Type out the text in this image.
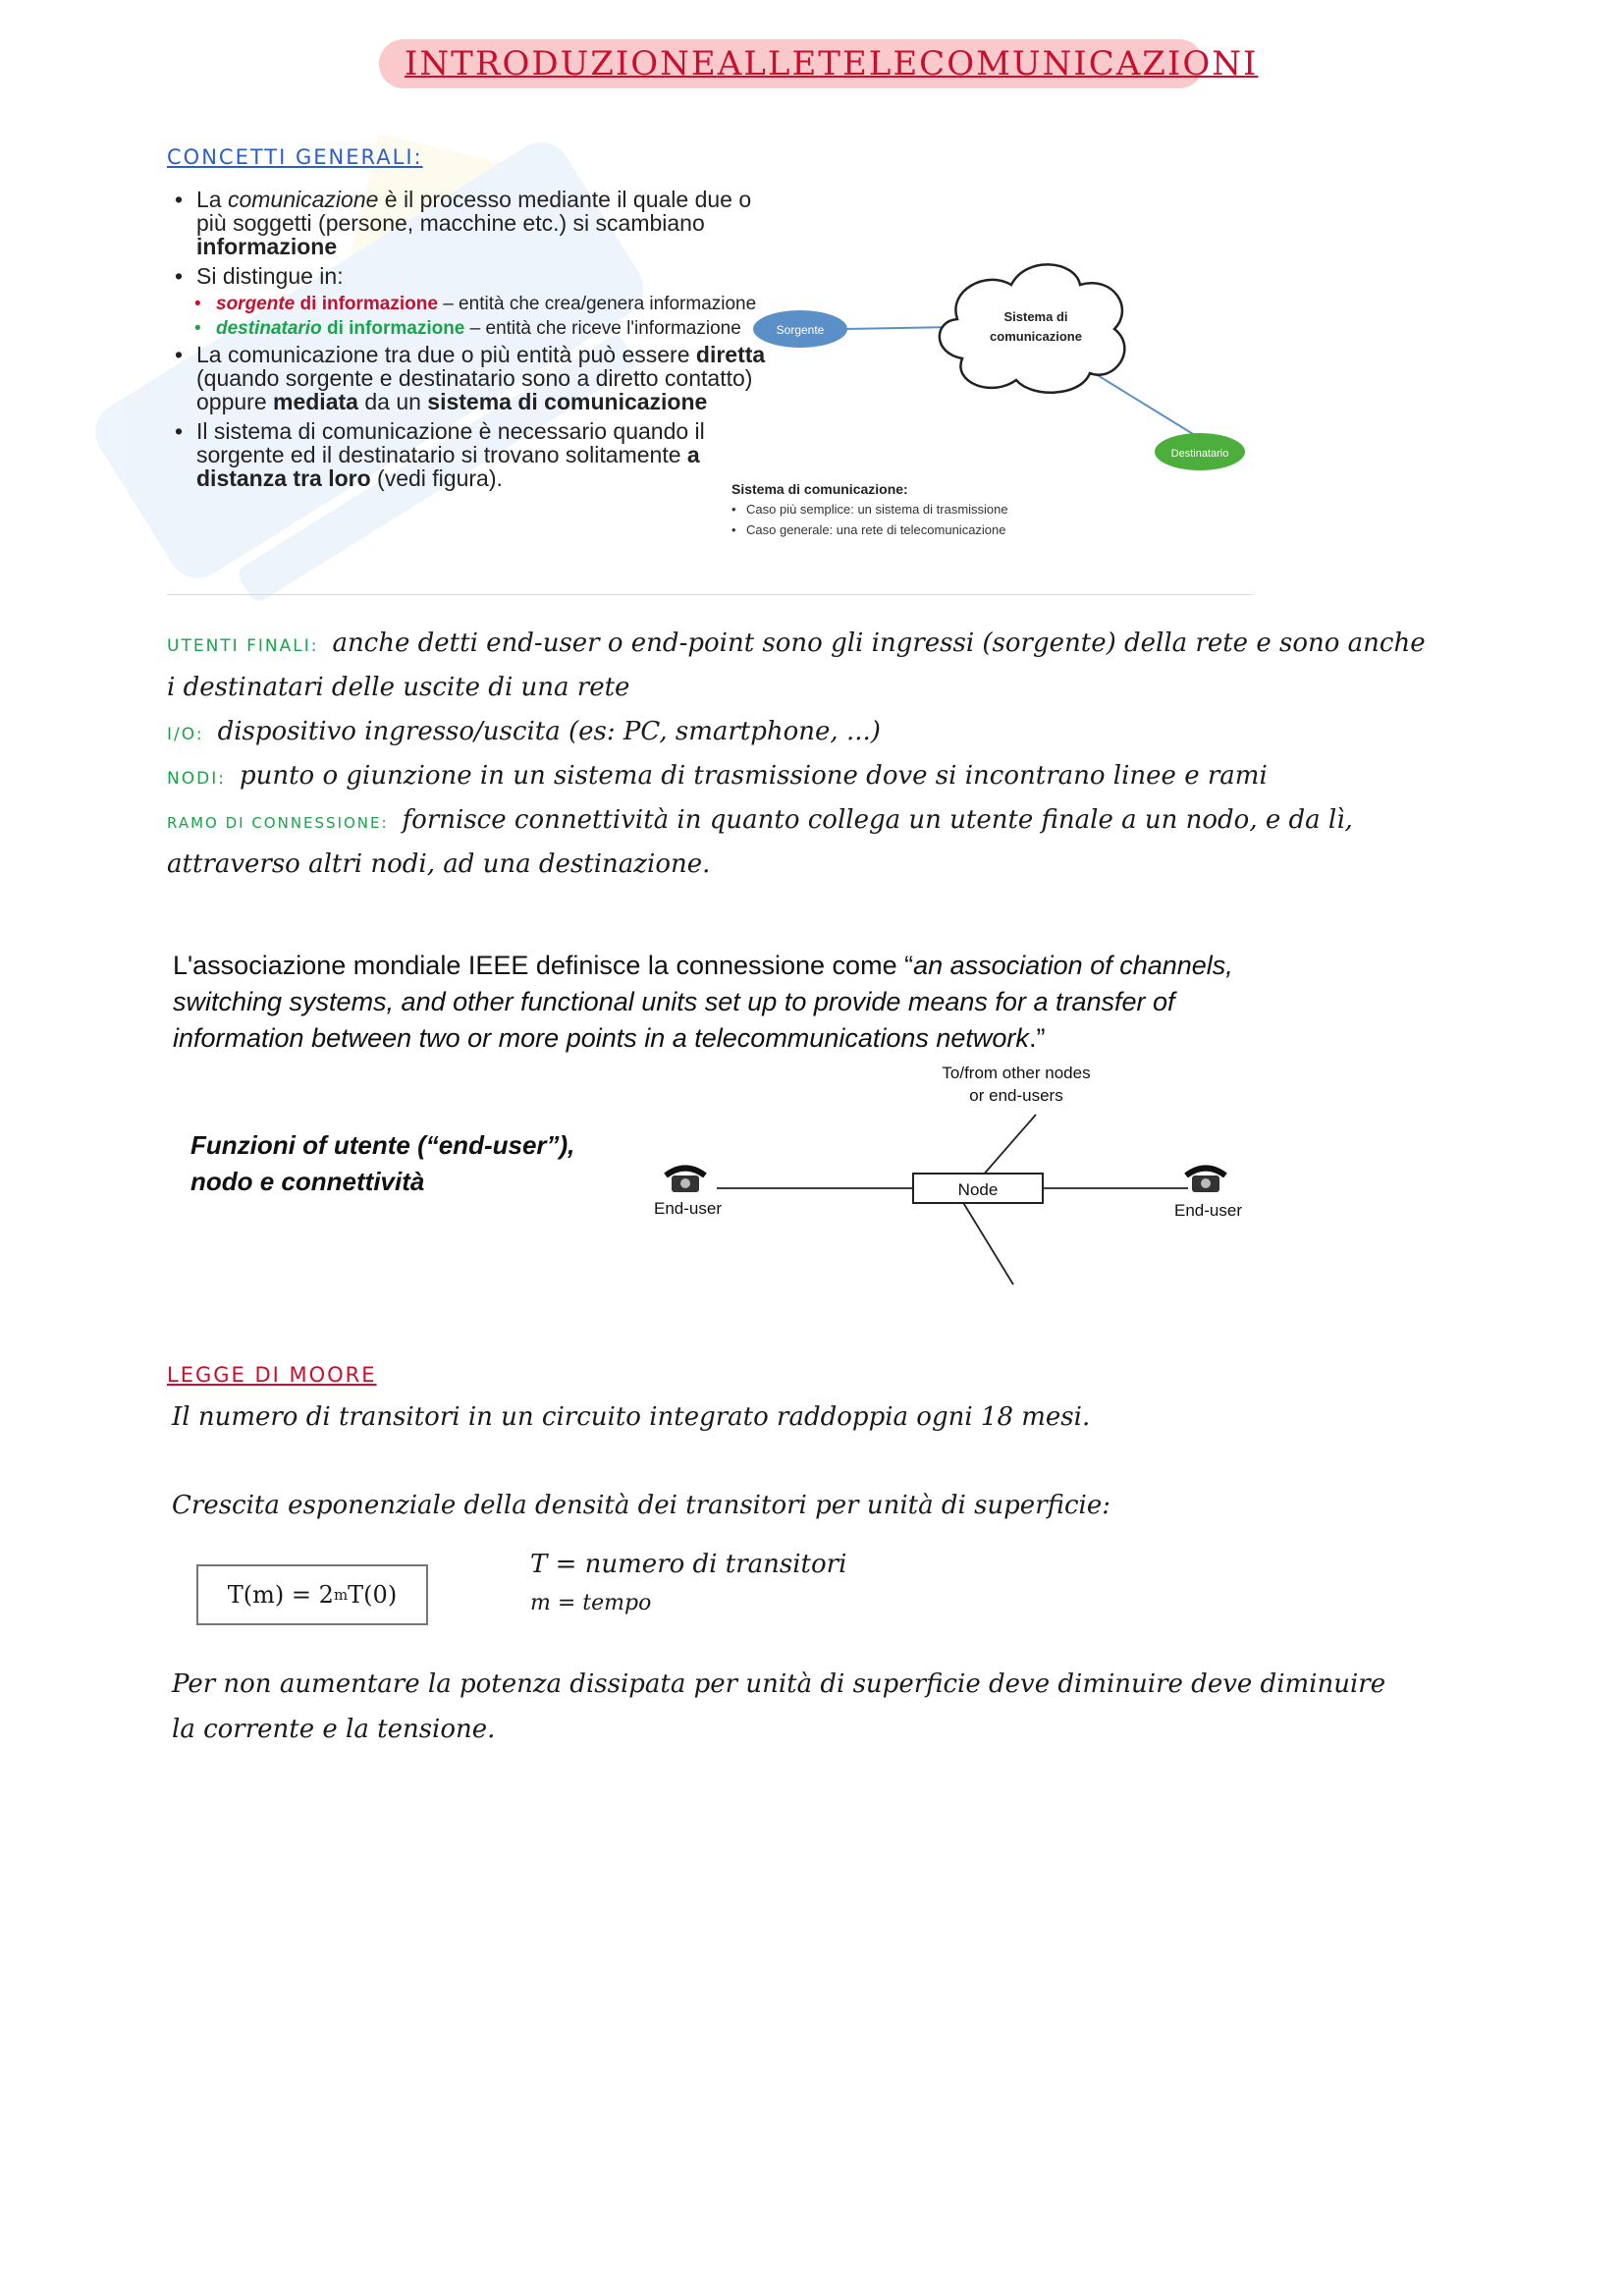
INTRODUZIONE ALLE TELECOMUNICAZIONI
CONCETTI GENERALI:
• La comunicazione è il processo mediante il quale due o più soggetti (persone, macchine etc.) si scambiano informazione
• Si distingue in:
• sorgente di informazione – entità che crea/genera informazione
• destinatario di informazione – entità che riceve l'informazione
• La comunicazione tra due o più entità può essere diretta (quando sorgente e destinatario sono a diretto contatto) oppure mediata da un sistema di comunicazione
• Il sistema di comunicazione è necessario quando il sorgente ed il destinatario si trovano solitamente a distanza tra loro (vedi figura).
Sorgente
Sistema di
comunicazione
Destinatario
Sistema di comunicazione:
• Caso più semplice: un sistema di trasmissione
• Caso generale: una rete di telecomunicazione
UTENTI FINALI: anche detti end-user o end-point sono gli ingressi (sorgente) della rete e sono anche
i destinatari delle uscite di una rete
I/O: dispositivo ingresso/uscita (es: PC, smartphone, ...)
NODI: punto o giunzione in un sistema di trasmissione dove si incontrano linee e rami
RAMO DI CONNESSIONE: fornisce connettività in quanto collega un utente finale a un nodo, e da lì,
attraverso altri nodi, ad una destinazione.
L'associazione mondiale IEEE definisce la connessione come “an association of channels, switching systems, and other functional units set up to provide means for a transfer of information between two or more points in a telecommunications network.”
Funzioni of utente (“end-user”),
nodo e connettività
To/from other nodes
or end-users
Node
End-user	End-user
LEGGE DI MOORE
Il numero di transitori in un circuito integrato raddoppia ogni 18 mesi.
Crescita esponenziale della densità dei transitori per unità di superficie:
T(m) = 2 m T(0)
T = numero di transitori
m = tempo
Per non aumentare la potenza dissipata per unità di superficie deve diminuire deve diminuire
la corrente e la tensione.
